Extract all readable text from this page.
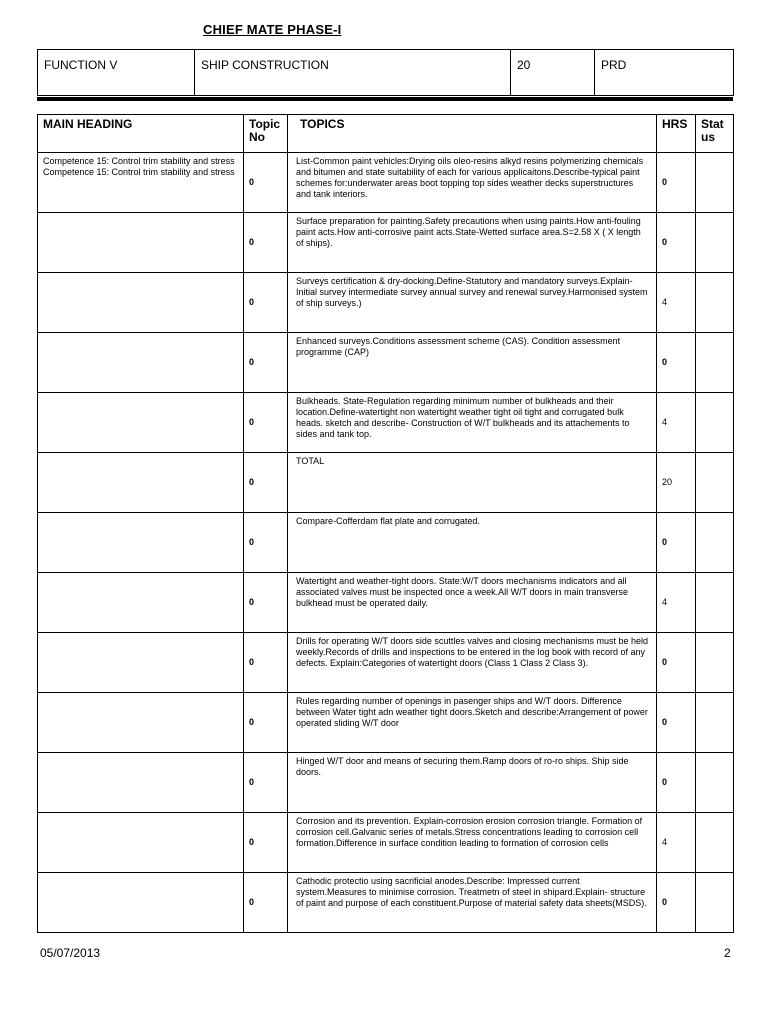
CHIEF MATE PHASE-I
FUNCTION V	SHIP CONSTRUCTION	20	PRD
MAIN HEADING	Topic No	TOPICS	HRS	Stat us
Competence 15: Control trim stability and stress
Competence 15: Control trim stability and stress	0	List-Common paint vehicles:Drying oils oleo-resins alkyd resins polymerizing chemicals and bitumen and state suitability of each for various applicaitons.Describe-typical paint schemes for:underwater areas boot topping top sides weather decks superstructures and tank interiors.	0	
	0	Surface preparation for painting.Safety precautions when using paints.How anti-fouling paint acts.How anti-corrosive paint acts.State-Wetted surface area.S=2.58 X ( X length of ships).	0	
	0	Surveys certification & dry-docking.Define-Statutory and mandatory surveys.Explain-Initial survey intermediate survey annual survey and renewal survey.Harmonised system of ship surveys.)	4	
	0	Enhanced surveys.Conditions assessment scheme (CAS). Condition assessment programme (CAP)	0	
	0	Bulkheads. State-Regulation regarding minimum number of bulkheads and their location.Define-watertight non watertight weather tight oil tight and corrugated bulk heads. sketch and describe- Construction of W/T bulkheads and its attachements to sides and tank top.	4	
	0	TOTAL	20	
	0	Compare-Cofferdam flat plate and corrugated.	0	
	0	Watertight and weather-tight doors. State:W/T doors mechanisms indicators and all associated valves must be inspected once a week.All W/T doors in main transverse bulkhead must be operated daily.	4	
	0	Drills for operating W/T doors side scuttles valves and closing mechanisms must be held weekly.Records of drills and inspections to be entered in the log book with record of any defects. Explain:Categories of watertight doors (Class 1 Class 2 Class 3).	0	
	0	Rules regarding number of openings in pasenger ships and W/T doors. Difference between Water tight adn weather tight doors.Sketch and describe:Arrangement of power operated sliding W/T door	0	
	0	Hinged W/T door and means of securing them.Ramp doors of ro-ro ships. Ship side doors.	0	
	0	Corrosion and its prevention. Explain-corrosion erosion corrosion triangle. Formation of corrosion cell.Galvanic series of metals.Stress concentrations leading to corrosion cell formation.Difference in surface condition leading to formation of corrosion cells	4	
	0	Cathodic protectio using sacrificial anodes.Describe: Impressed current system.Measures to minimise corrosion. Treatmetn of steel in shipard.Explain- structure of paint and purpose of each constituent.Purpose of material safety data sheets(MSDS).	0	
05/07/2013	2
